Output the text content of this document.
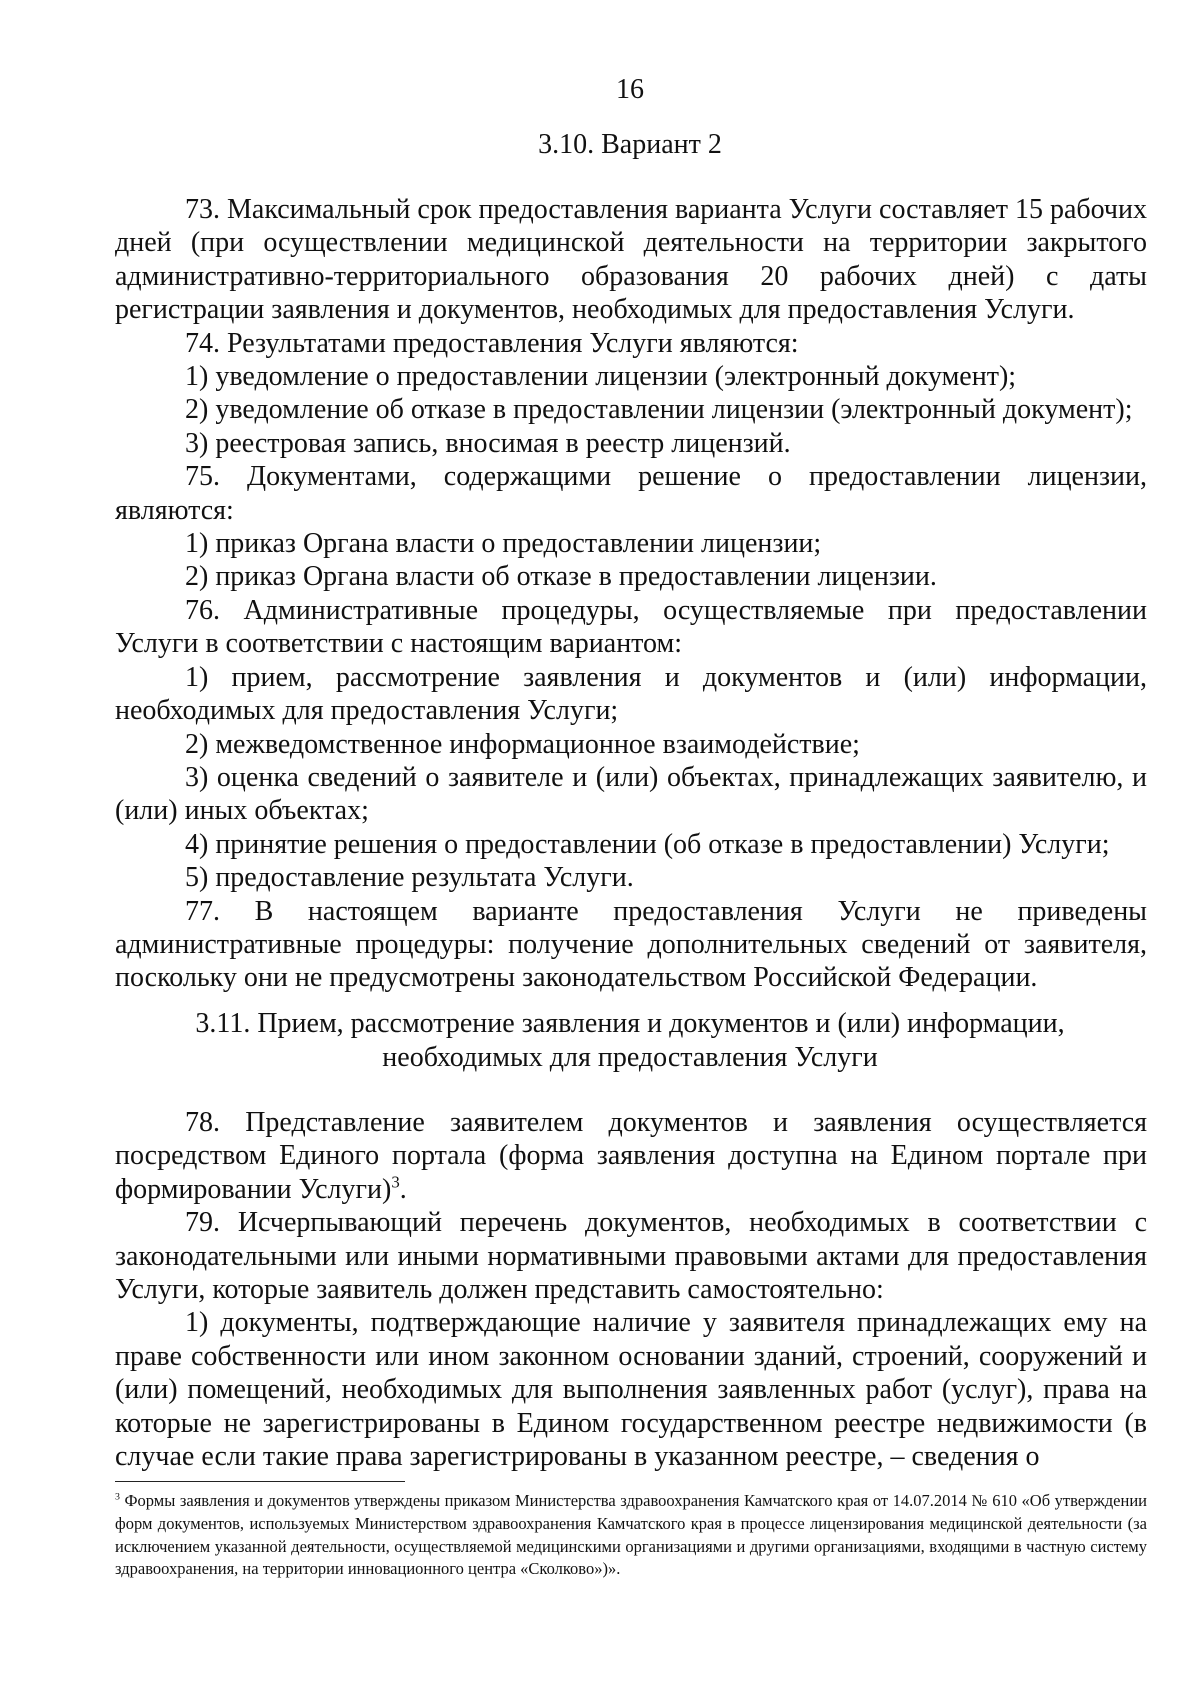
16
3.10. Вариант 2

73. Максимальный срок предоставления варианта Услуги составляет 15 рабочих дней (при осуществлении медицинской деятельности на территории закрытого административно-территориального образования 20 рабочих дней) с даты регистрации заявления и документов, необходимых для предоставления Услуги.

74. Результатами предоставления Услуги являются:

1) уведомление о предоставлении лицензии (электронный документ);

2) уведомление об отказе в предоставлении лицензии (электронный документ);

3) реестровая запись, вносимая в реестр лицензий.

75. Документами, содержащими решение о предоставлении лицензии, являются:

1) приказ Органа власти о предоставлении лицензии;

2) приказ Органа власти об отказе в предоставлении лицензии.

76. Административные процедуры, осуществляемые при предоставлении Услуги в соответствии с настоящим вариантом:

1) прием, рассмотрение заявления и документов и (или) информации, необходимых для предоставления Услуги;

2) межведомственное информационное взаимодействие;

3) оценка сведений о заявителе и (или) объектах, принадлежащих заявителю, и (или) иных объектах;

4) принятие решения о предоставлении (об отказе в предоставлении) Услуги;

5) предоставление результата Услуги.

77. В настоящем варианте предоставления Услуги не приведены административные процедуры: получение дополнительных сведений от заявителя, поскольку они не предусмотрены законодательством Российской Федерации.

3.11. Прием, рассмотрение заявления и документов и (или) информации,
необходимых для предоставления Услуги

78. Представление заявителем документов и заявления осуществляется посредством Единого портала (форма заявления доступна на Едином портале при формировании Услуги)$^3$.

79. Исчерпывающий перечень документов, необходимых в соответствии с законодательными или иными нормативными правовыми актами для предоставления Услуги, которые заявитель должен представить самостоятельно:

1) документы, подтверждающие наличие у заявителя принадлежащих ему на праве собственности или ином законном основании зданий, строений, сооружений и (или) помещений, необходимых для выполнения заявленных работ (услуг), права на которые не зарегистрированы в Едином государственном реестре недвижимости (в случае если такие права зарегистрированы в указанном реестре, – сведения о

$^3$ Формы заявления и документов утверждены приказом Министерства здравоохранения Камчатского края от 14.07.2014 № 610 «Об утверждении форм документов, используемых Министерством здравоохранения Камчатского края в процессе лицензирования медицинской деятельности (за исключением указанной деятельности, осуществляемой медицинскими организациями и другими организациями, входящими в частную систему здравоохранения, на территории инновационного центра «Сколково»)».
